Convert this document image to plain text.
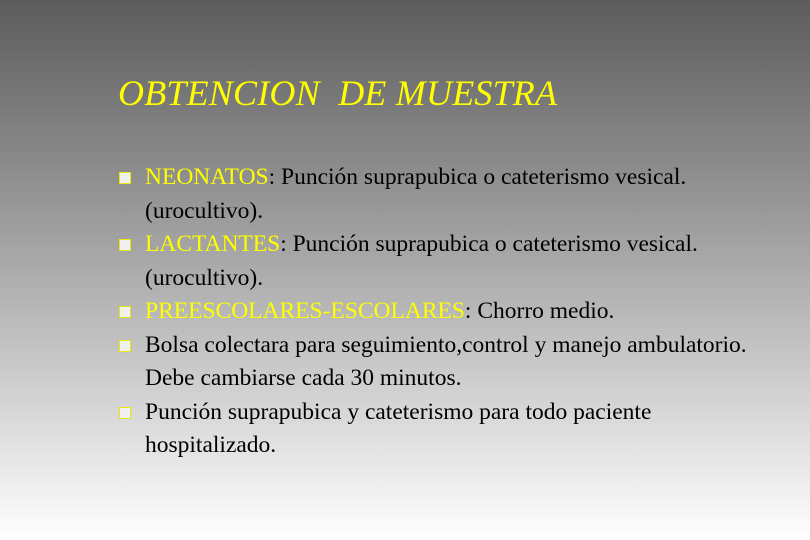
OBTENCION  DE MUESTRA
NEONATOS: Punción suprapubica o cateterismo vesical.(urocultivo).
LACTANTES: Punción suprapubica o cateterismo vesical.(urocultivo).
PREESCOLARES-ESCOLARES: Chorro medio.
Bolsa colectara para seguimiento,control y manejo ambulatorio. Debe cambiarse cada 30 minutos.
Punción suprapubica y cateterismo para todo paciente hospitalizado.
